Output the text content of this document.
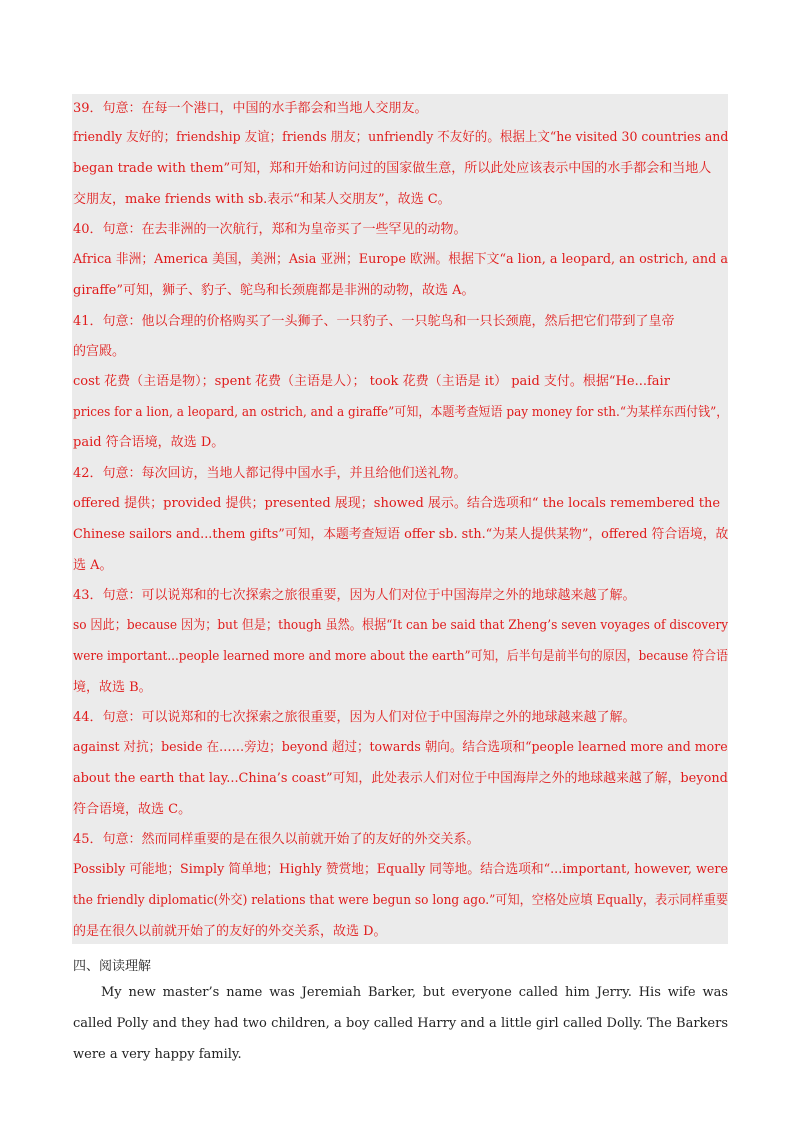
39．句意：在每一个港口，中国的水手都会和当地人交朋友。
friendly 友好的；friendship 友谊；friends 朋友；unfriendly 不友好的。根据上文“he visited 30 countries and
began trade with them”可知，郑和开始和访问过的国家做生意，所以此处应该表示中国的水手都会和当地人
交朋友，make friends with sb.表示“和某人交朋友”，故选 C。
40．句意：在去非洲的一次航行，郑和为皇帝买了一些罕见的动物。
Africa 非洲；America 美国，美洲；Asia 亚洲；Europe 欧洲。根据下文“a lion, a leopard, an ostrich, and a
giraffe”可知，狮子、豹子、鸵鸟和长颈鹿都是非洲的动物，故选 A。
41．句意：他以合理的价格购买了一头狮子、一只豹子、一只鸵鸟和一只长颈鹿，然后把它们带到了皇帝
的宫殿。
cost 花费（主语是物）；spent 花费（主语是人）； took 花费（主语是 it） paid 支付。根据“He...fair
prices for a lion, a leopard, an ostrich, and a giraffe”可知，本题考查短语 pay money for sth.“为某样东西付钱”，
paid 符合语境，故选 D。
42．句意：每次回访，当地人都记得中国水手，并且给他们送礼物。
offered 提供；provided 提供；presented 展现；showed 展示。结合选项和“ the locals remembered the
Chinese sailors and...them gifts”可知，本题考查短语 offer sb. sth.“为某人提供某物”，offered 符合语境，故
选 A。
43．句意：可以说郑和的七次探索之旅很重要，因为人们对位于中国海岸之外的地球越来越了解。
so 因此；because 因为；but 但是；though 虽然。根据“It can be said that Zheng’s seven voyages of discovery
were important...people learned more and more about the earth”可知，后半句是前半句的原因，because 符合语
境，故选 B。
44．句意：可以说郑和的七次探索之旅很重要，因为人们对位于中国海岸之外的地球越来越了解。
against 对抗；beside 在……旁边；beyond 超过；towards 朝向。结合选项和“people learned more and more
about the earth that lay...China’s coast”可知，此处表示人们对位于中国海岸之外的地球越来越了解，beyond
符合语境，故选 C。
45．句意：然而同样重要的是在很久以前就开始了的友好的外交关系。
Possibly 可能地；Simply 简单地；Highly 赞赏地；Equally 同等地。结合选项和“...important, however, were
the friendly diplomatic(外交) relations that were begun so long ago.”可知，空格处应填 Equally，表示同样重要
的是在很久以前就开始了的友好的外交关系，故选 D。
四、阅读理解
My new master’s name was Jeremiah Barker, but everyone called him Jerry. His wife was called Polly and they had two children, a boy called Harry and a little girl called Dolly. The Barkers were a very happy family.
